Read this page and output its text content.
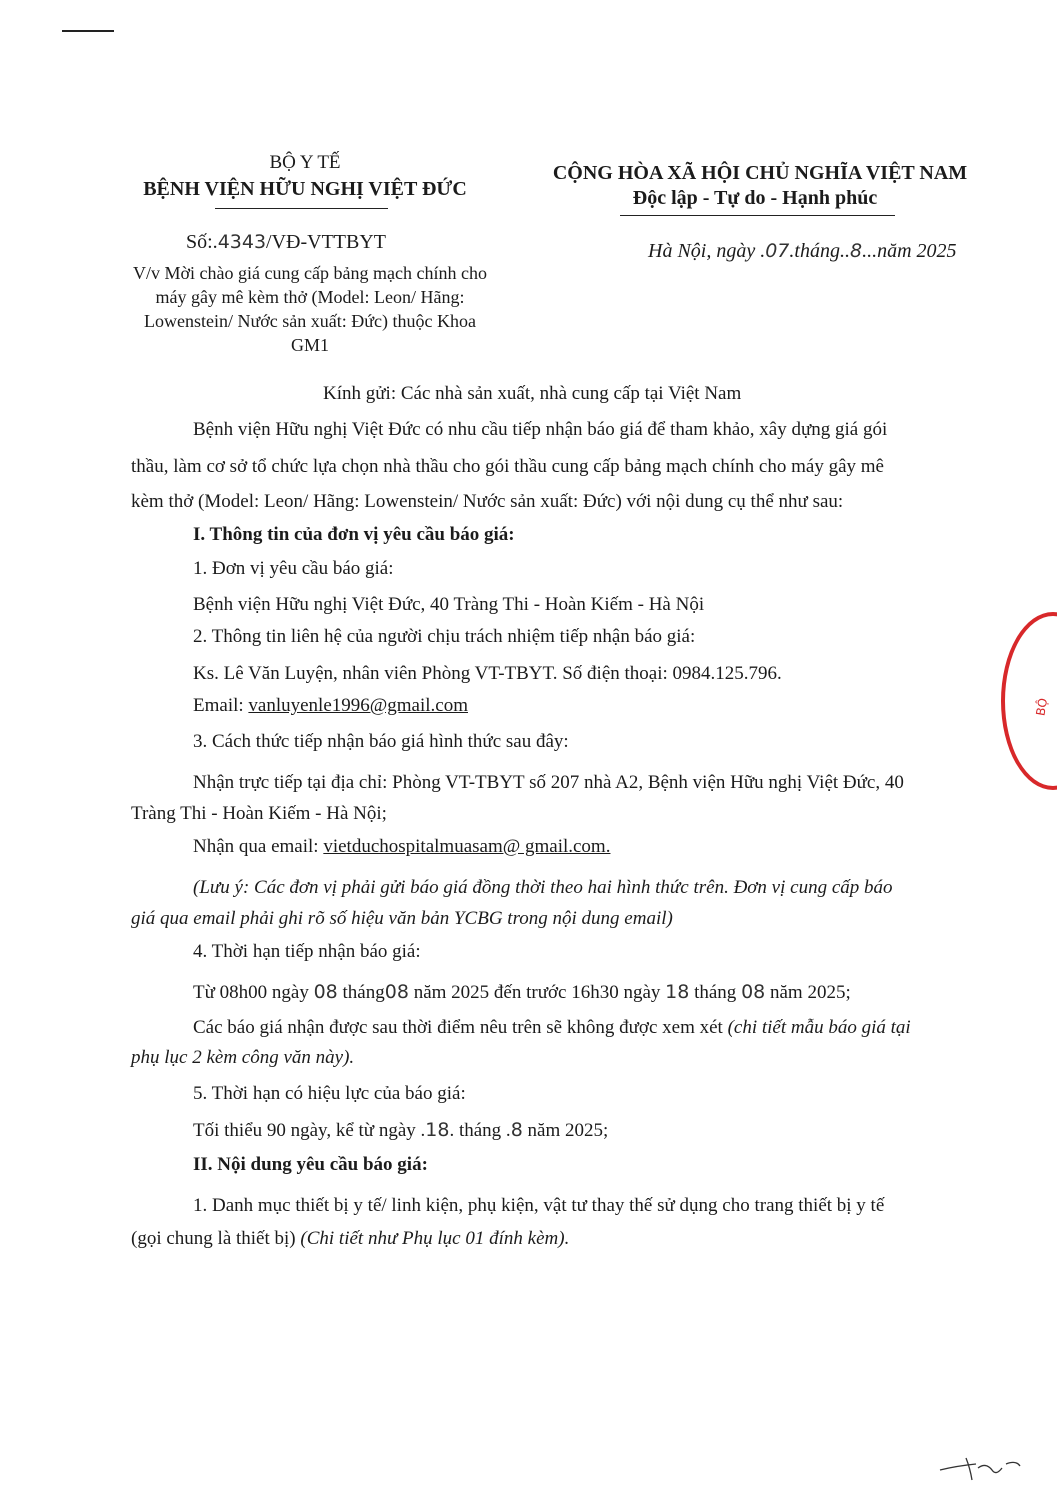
BỘ Y TẾ
BỆNH VIỆN HỮU NGHỊ VIỆT ĐỨC
Số:.4343/VĐ-VTTBYT
V/v Mời chào giá cung cấp bảng mạch chính cho
máy gây mê kèm thở (Model: Leon/ Hãng:
Lowenstein/ Nước sản xuất: Đức) thuộc Khoa
GM1
CỘNG HÒA XÃ HỘI CHỦ NGHĨA VIỆT NAM
Độc lập - Tự do - Hạnh phúc
Hà Nội, ngày .07.tháng..8...năm 2025
Kính gửi: Các nhà sản xuất, nhà cung cấp tại Việt Nam
Bệnh viện Hữu nghị Việt Đức có nhu cầu tiếp nhận báo giá để tham khảo, xây dựng giá gói
thầu, làm cơ sở tổ chức lựa chọn nhà thầu cho gói thầu cung cấp bảng mạch chính cho máy gây mê
kèm thở (Model: Leon/ Hãng: Lowenstein/ Nước sản xuất: Đức) với nội dung cụ thể như sau:
I. Thông tin của đơn vị yêu cầu báo giá:
1. Đơn vị yêu cầu báo giá:
Bệnh viện Hữu nghị Việt Đức, 40 Tràng Thi - Hoàn Kiếm - Hà Nội
2. Thông tin liên hệ của người chịu trách nhiệm tiếp nhận báo giá:
Ks. Lê Văn Luyện, nhân viên Phòng VT-TBYT. Số điện thoại: 0984.125.796.
Email: vanluyenle1996@gmail.com
3. Cách thức tiếp nhận báo giá hình thức sau đây:
Nhận trực tiếp tại địa chỉ: Phòng VT-TBYT số 207 nhà A2, Bệnh viện Hữu nghị Việt Đức, 40
Tràng Thi - Hoàn Kiếm - Hà Nội;
Nhận qua email: vietduchospitalmuasam@ gmail.com.
(Lưu ý: Các đơn vị phải gửi báo giá đồng thời theo hai hình thức trên. Đơn vị cung cấp báo
giá qua email phải ghi rõ số hiệu văn bản YCBG trong nội dung email)
4. Thời hạn tiếp nhận báo giá:
Từ 08h00 ngày 08 tháng08 năm 2025 đến trước 16h30 ngày 18 tháng 08 năm 2025;
Các báo giá nhận được sau thời điểm nêu trên sẽ không được xem xét (chi tiết mẫu báo giá tại
phụ lục 2 kèm công văn này).
5. Thời hạn có hiệu lực của báo giá:
Tối thiểu 90 ngày, kể từ ngày .18. tháng .8 năm 2025;
II. Nội dung yêu cầu báo giá:
1. Danh mục thiết bị y tế/ linh kiện, phụ kiện, vật tư thay thế sử dụng cho trang thiết bị y tế
(gọi chung là thiết bị) (Chi tiết như Phụ lục 01 đính kèm).
BỘ
